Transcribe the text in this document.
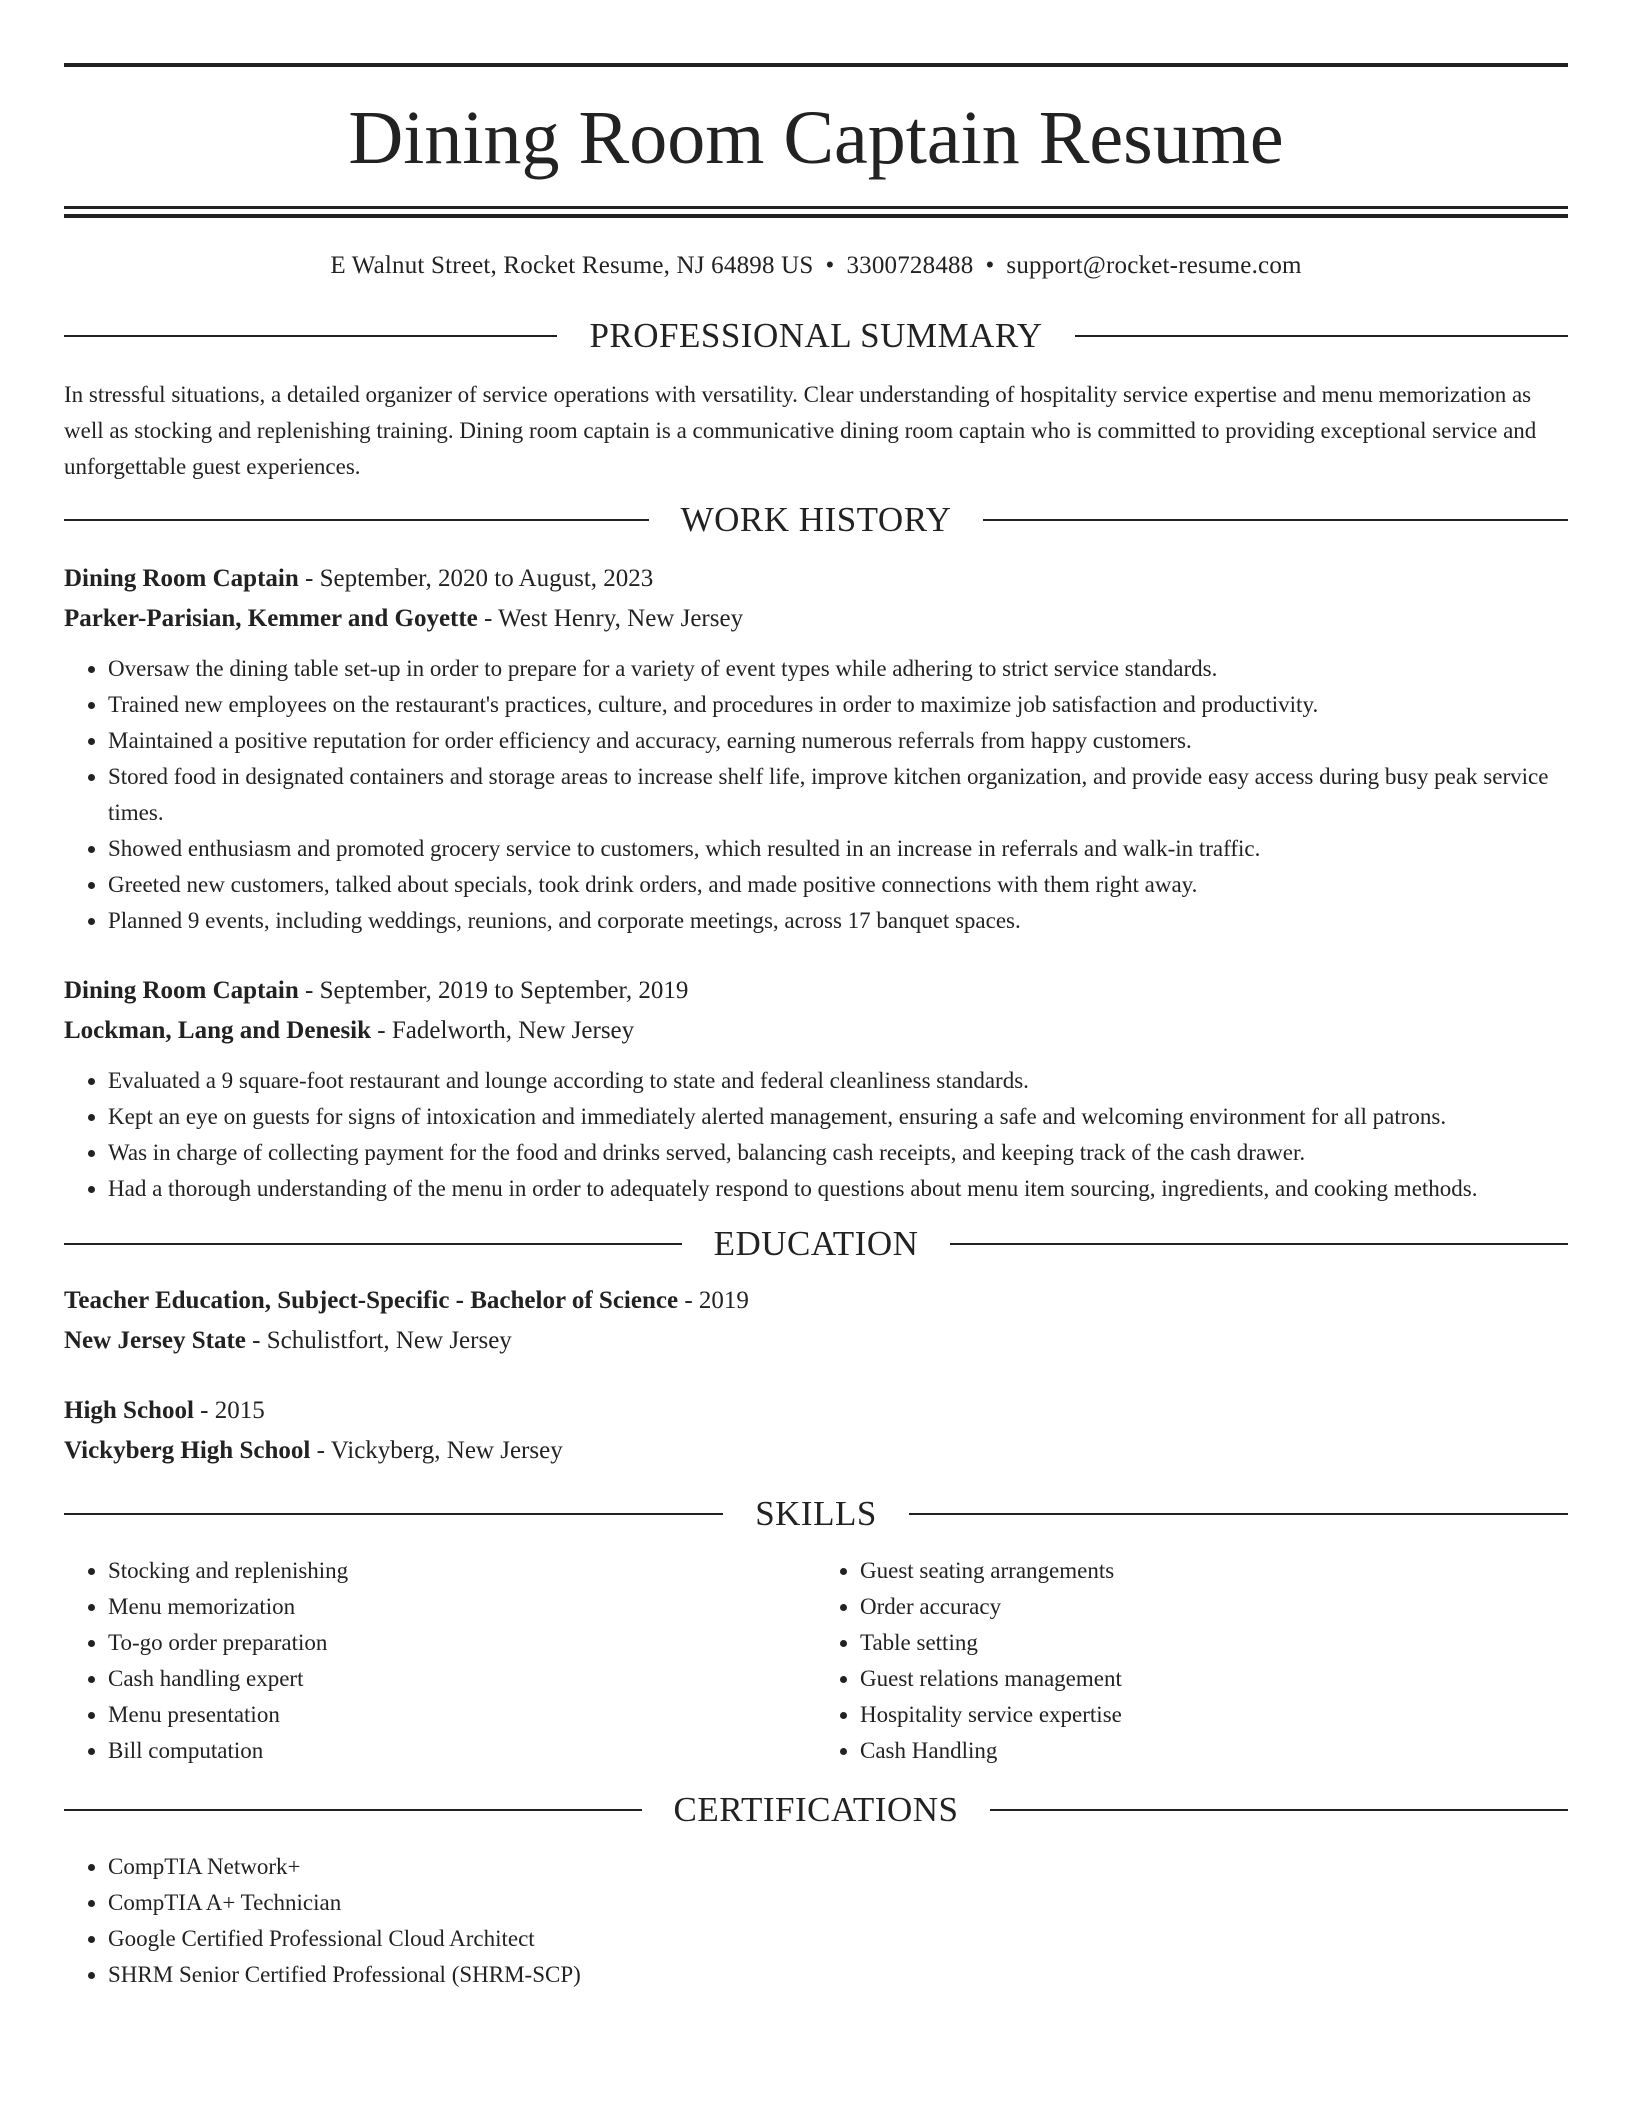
Dining Room Captain Resume
E Walnut Street, Rocket Resume, NJ 64898 US • 3300728488 • support@rocket-resume.com
PROFESSIONAL SUMMARY
In stressful situations, a detailed organizer of service operations with versatility. Clear understanding of hospitality service expertise and menu memorization as well as stocking and replenishing training. Dining room captain is a communicative dining room captain who is committed to providing exceptional service and unforgettable guest experiences.
WORK HISTORY
Dining Room Captain - September, 2020 to August, 2023
Parker-Parisian, Kemmer and Goyette - West Henry, New Jersey
• Oversaw the dining table set-up in order to prepare for a variety of event types while adhering to strict service standards.
• Trained new employees on the restaurant's practices, culture, and procedures in order to maximize job satisfaction and productivity.
• Maintained a positive reputation for order efficiency and accuracy, earning numerous referrals from happy customers.
• Stored food in designated containers and storage areas to increase shelf life, improve kitchen organization, and provide easy access during busy peak service times.
• Showed enthusiasm and promoted grocery service to customers, which resulted in an increase in referrals and walk-in traffic.
• Greeted new customers, talked about specials, took drink orders, and made positive connections with them right away.
• Planned 9 events, including weddings, reunions, and corporate meetings, across 17 banquet spaces.
Dining Room Captain - September, 2019 to September, 2019
Lockman, Lang and Denesik - Fadelworth, New Jersey
• Evaluated a 9 square-foot restaurant and lounge according to state and federal cleanliness standards.
• Kept an eye on guests for signs of intoxication and immediately alerted management, ensuring a safe and welcoming environment for all patrons.
• Was in charge of collecting payment for the food and drinks served, balancing cash receipts, and keeping track of the cash drawer.
• Had a thorough understanding of the menu in order to adequately respond to questions about menu item sourcing, ingredients, and cooking methods.
EDUCATION
Teacher Education, Subject-Specific - Bachelor of Science - 2019
New Jersey State - Schulistfort, New Jersey
High School - 2015
Vickyberg High School - Vickyberg, New Jersey
SKILLS
• Stocking and replenishing
• Menu memorization
• To-go order preparation
• Cash handling expert
• Menu presentation
• Bill computation
• Guest seating arrangements
• Order accuracy
• Table setting
• Guest relations management
• Hospitality service expertise
• Cash Handling
CERTIFICATIONS
• CompTIA Network+
• CompTIA A+ Technician
• Google Certified Professional Cloud Architect
• SHRM Senior Certified Professional (SHRM-SCP)
